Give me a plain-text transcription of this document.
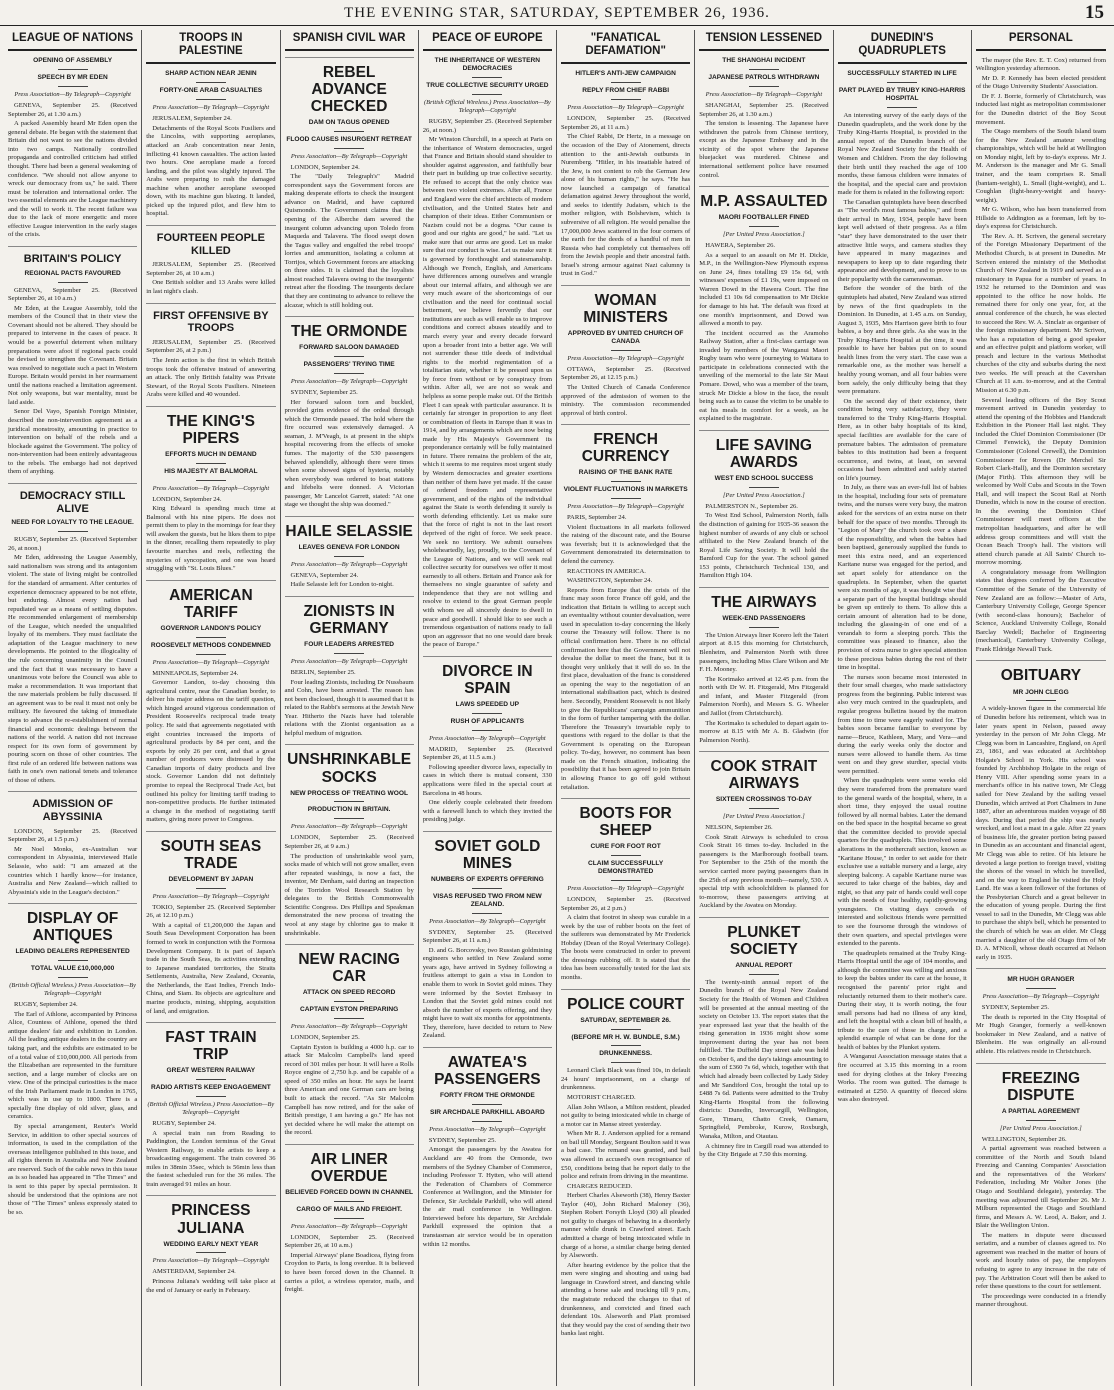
THE EVENING STAR, SATURDAY, SEPTEMBER 26, 1936.	15
LEAGUE OF NATIONS
OPENING OF ASSEMBLY
SPEECH BY MR EDEN
Press Association—By Telegraph—Copyright

GENEVA, September 25. (Received September 26, at 1.30 a.m.)

A packed Assembly heard Mr Eden open the general debate. He began with the statement that Britain did not want to see the nations divided into two camps. Nationally controlled propaganda and controlled criticism had stifled thought. There had been a general weakening of confidence. "We should not allow anyone to wreck our democracy from us," he said. There must be toleration and international order. The two essential elements are the League machinery and the will to work it. The recent failure was due to the lack of more energetic and more effective League intervention in the early stages of the crisis.

BRITAIN'S POLICY
REGIONAL PACTS FAVOURED

GENEVA, September 25. (Received September 26, at 10 a.m.)

Mr Eden, at the League Assembly, told the members of the Council that in their view the Covenant should not be altered. They should be prepared to intervene in the cases of peace. It would be a powerful deterrent when military preparations were afoot if regional pacts could be devised to strengthen the Covenant. Britain was resolved to negotiate such a pact in Western Europe. Britain would persist in her rearmament until the nations reached a limitation agreement. Not only weapons, but war mentality, must be laid aside.

Senor Del Vayo, Spanish Foreign Minister, described the non-intervention agreement as a juridical monstrosity, amounting in practice to intervention on behalf of the rebels and a blockade against the Government. The policy of non-intervention had been entirely advantageous to the rebels. The embargo had not deprived them of anything.

DEMOCRACY STILL ALIVE
NEED FOR LOYALTY TO THE LEAGUE.

RUGBY, September 25. (Received September 26, at noon.)

Mr Eden, addressing the League Assembly, said nationalism was strong and its antagonism violent. The state of living might be controlled for the standard of armament. After centuries of experience democracy appeared to be not effete, but enduring. Almost every nation had repudiated war as a means of settling disputes. He recommended enlargement of membership of the League, which needed the unqualified loyalty of its members. They must facilitate the adaptation of the League machinery to new developments. He pointed to the illogicality of the rule concerning unanimity in the Council and the fact that it was necessary to have a unanimous vote before the Council was able to make a recommendation. It was important that the raw materials problem be fully discussed. If an agreement was to be real it must not only be military. He favoured the taking of immediate steps to advance the re-establishment of normal financial and economic dealings between the nations of the world. A nation did not increase respect for its own form of government by pouring scorn on those of other countries. The first rule of an ordered life between nations was faith in one's own national tenets and tolerance of those of others.

ADMISSION OF ABYSSINIA

LONDON, September 25. (Received September 26, at 1.5 p.m.)

Mr Noel Monks, ex-Australian war correspondent in Abyssinia, interviewed Haile Selassie, who said: "I am amazed at the countries which I hardly know—for instance, Australia and New Zealand—which rallied to Abyssinia's side in the League's decision."

DISPLAY OF ANTIQUES
LEADING DEALERS REPRESENTED
TOTAL VALUE £10,000,000
(British Official Wireless.) Press Association—By Telegraph—Copyright

RUGBY, September 24.

The Earl of Athlone, accompanied by Princess Alice, Countess of Athlone, opened the third antique dealers' fair and exhibition in London. All the leading antique dealers in the country are taking part, and the exhibits are estimated to be of a total value of £10,000,000. All periods from the Elizabethan are represented in the furniture section, and a large number of clocks are on view. One of the principal curiosities is the mace of the Irish Parliament made in London in 1765, which was in use up to 1800. There is a specially fine display of old silver, glass, and ceramics.

By special arrangement, Reuter's World Service, in addition to other special sources of information, is used in the compilation of the overseas intelligence published in this issue, and all rights therein in Australia and New Zealand are reserved. Such of the cable news in this issue as is so headed has appeared in "The Times" and is sent to this paper by special permission. It should be understood that the opinions are not those of "The Times" unless expressly stated to be so.

TROOPS IN PALESTINE
SHARP ACTION NEAR JENIN
FORTY-ONE ARAB CASUALTIES
Press Association—By Telegraph—Copyright

JERUSALEM, September 24.

Detachments of the Royal Scots Fusiliers and the Lincolns, with supporting aeroplanes, attacked an Arab concentration near Jenin, inflicting 41 known casualties. The action lasted two hours. One aeroplane made a forced landing, and the pilot was slightly injured. The Arabs were preparing to rush the damaged machine when another aeroplane swooped down, with its machine gun blazing. It landed, picked up the injured pilot, and flew him to hospital.

FOURTEEN PEOPLE KILLED

JERUSALEM, September 25. (Received September 26, at 10 a.m.)

One British soldier and 13 Arabs were killed in last night's clash.

FIRST OFFENSIVE BY TROOPS

JERUSALEM, September 25. (Received September 26, at 2 p.m.)

The Jenin action is the first in which British troops took the offensive instead of answering an attack. The only British fatality was Private Stewart, of the Royal Scots Fusiliers. Nineteen Arabs were killed and 40 wounded.

THE KING'S PIPERS
EFFORTS MUCH IN DEMAND
HIS MAJESTY AT BALMORAL
Press Association—By Telegraph—Copyright

LONDON, September 24.

King Edward is spending much time at Balmoral with his nine pipers. He does not permit them to play in the mornings for fear they will awaken the guests, but he likes them to pipe in the dinner, recalling them repeatedly to play favourite marches and reels, reflecting the mysteries of syncopation, and one was heard struggling with "St. Louis Blues."

AMERICAN TARIFF
GOVERNOR LANDON'S POLICY
ROOSEVELT METHODS CONDEMNED
Press Association—By Telegraph—Copyright

MINNEAPOLIS, September 24.

Governor Landon, to-day choosing this agricultural centre, near the Canadian border, to deliver his major address on the tariff question, which hinged around vigorous condemnation of President Roosevelt's reciprocal trade treaty policy. He said that agreements negotiated with eight countries increased the imports of agricultural products by 84 per cent, and the exports by only 26 per cent, and that a great number of producers were distressed by the Canadian imports of dairy products and live stock. Governor Landon did not definitely promise to repeal the Reciprocal Trade Act, but outlined his policy for limiting tariff trading to non-competitive products. He further intimated a change in the method of negotiating tariff matters, giving more power to Congress.

SOUTH SEAS TRADE
DEVELOPMENT BY JAPAN
Press Association—By Telegraph—Copyright

TOKIO, September 25. (Received September 26, at 12.10 p.m.)

With a capital of £1,200,000 the Japan and South Seas Development Corporation has been formed to work in conjunction with the Formosa Development Company. It is part of Japan's trade in the South Seas, its activities extending to Japanese mandated territories, the Straits Settlements, Australia, New Zealand, Oceania, the Netherlands, the East Indies, French Indo-China, and Siam. Its objects are agriculture and marine products, mining, shipping, acquisition of land, and emigration.

FAST TRAIN TRIP
GREAT WESTERN RAILWAY
RADIO ARTISTS KEEP ENGAGEMENT
(British Official Wireless.) Press Association—By Telegraph—Copyright

RUGBY, September 24.

A special train ran from Reading to Paddington, the London terminus of the Great Western Railway, to enable artists to keep a broadcasting engagement. The train covered 36 miles in 38min 35sec, which is 56min less than the fastest scheduled run for the 36 miles. The train averaged 91 miles an hour.

PRINCESS JULIANA
WEDDING EARLY NEXT YEAR
Press Association—By Telegraph—Copyright

AMSTERDAM, September 24.

Princess Juliana's wedding will take place at the end of January or early in February.

SPANISH CIVIL WAR
REBEL ADVANCE CHECKED
DAM ON TAGUS OPENED
FLOOD CAUSES INSURGENT RETREAT
Press Association—By Telegraph—Copyright

LONDON, September 24.

The "Daily Telegraph's" Madrid correspondent says the Government forces are making desperate efforts to check the insurgent advance on Madrid, and have captured Quismondo. The Government claims that the opening of the Alberche dam severed the insurgent column advancing upon Toledo from Maqueda and Talavera. The flood swept down the Tagus valley and engulfed the rebel troops' lorries and ammunition, isolating a column at Torrijos, which Government forces are attacking on three sides. It is claimed that the loyalists almost reached Talavera owing to the insurgents' retreat after the flooding. The insurgents declare that they are continuing to advance to relieve the alcazar, which is still holding out.

THE ORMONDE
FORWARD SALOON DAMAGED
PASSENGERS' TRYING TIME
Press Association—By Telegraph—Copyright

SYDNEY, September 25.

Her forward saloon torn and buckled, provided grim evidence of the ordeal through which the Ormonde passed. The hold where the fire occurred was extensively damaged. A seaman, J. M'Veagh, is at present in the ship's hospital recovering from the effects of smoke fumes. The majority of the 530 passengers behaved splendidly, although there were times when some showed signs of hysteria, notably when everybody was ordered to boat stations and lifebelts were donned. A Victorian passenger, Mr Lancelot Garrett, stated: "At one stage we thought the ship was doomed."

HAILE SELASSIE
LEAVES GENEVA FOR LONDON
Press Association—By Telegraph—Copyright

GENEVA, September 24.

Haile Selassie left for London to-night.

ZIONISTS IN GERMANY
FOUR LEADERS ARRESTED
Press Association—By Telegraph—Copyright

BERLIN, September 25.

Four leading Zionists, including Dr Nussbaum and Cohn, have been arrested. The reason has not been disclosed, though it is assumed that it is related to the Rabbi's sermons at the Jewish New Year. Hitherto the Nazis have had tolerable relations with the Zionist organisation as a helpful medium of migration.

UNSHRINKABLE SOCKS
NEW PROCESS OF TREATING WOOL
PRODUCTION IN BRITAIN.
Press Association—By Telegraph—Copyright

LONDON, September 25. (Received September 26, at 9 a.m.)

The production of unshrinkable wool yarn, socks made of which will not grow smaller, even after repeated washings, is now a fact, the inventor, Mr Denham, said during an inspection of the Torridon Wool Research Station by delegates to the British Commonwealth Scientific Congress. Drs Phillips and Speakman demonstrated the new process of treating the wool at any stage by chlorine gas to make it unshrinkable.

NEW RACING CAR
ATTACK ON SPEED RECORD
CAPTAIN EYSTON PREPARING
Press Association—By Telegraph—Copyright

LONDON, September 25.

Captain Eyston is building a 4000 h.p. car to attack Sir Malcolm Campbell's land speed record of 301 miles per hour. It will have a Rolls Royce engine of 2,750 h.p. and be capable of a speed of 350 miles an hour. He says he learnt three American and one German cars are being built to attack the record. "As Sir Malcolm Campbell has now retired, and for the sake of British prestige, I am having a go." He has not yet decided where he will make the attempt on the record.

AIR LINER OVERDUE
BELIEVED FORCED DOWN IN CHANNEL
CARGO OF MAILS AND FREIGHT.
Press Association—By Telegraph—Copyright

LONDON, September 25. (Received September 26, at 10 a.m.)

Imperial Airways' plane Boadicea, flying from Croydon to Paris, is long overdue. It is believed to have been forced down in the Channel. It carries a pilot, a wireless operator, mails, and freight.

PEACE OF EUROPE
THE INHERITANCE OF WESTERN DEMOCRACIES
TRUE COLLECTIVE SECURITY URGED
(British Official Wireless.) Press Association—By Telegraph—Copyright

RUGBY, September 25. (Received September 26, at noon.)

Mr Winston Churchill, in a speech at Paris on the inheritance of Western democracies, urged that France and Britain should stand shoulder to shoulder against aggression, and faithfully bear their part in building up true collective security. He refused to accept that the only choice was between two violent extremes. After all, France and England were the chief architects of modern civilisation, and the United States heir and champion of their ideas. Either Communism or Nazism could not be a dogma. "Our cause is good and our rights are good," he said. "Let us make sure that our arms are good. Let us make sure that our conduct is wise. Let us make sure it is governed by forethought and statesmanship. Although we French, English, and Americans have differences among ourselves and wrangle about our internal affairs, and although we are very much aware of the shortcomings of our civilisation and the need for continual social betterment, we believe fervently that our institutions are such as will enable us to improve conditions and correct abuses steadily and to march every year and every decade forward upon a broader front into a better age. We will not surrender these title deeds of individual rights to the morbid regimentation of a totalitarian state, whether it be pressed upon us by force from without or by conspiracy from within. After all, we are not so weak and helpless as some people make out. Of the British Fleet I can speak with particular assurance. It is certainly far stronger in proportion to any fleet or combination of fleets in Europe than it was in 1914, and by arrangements which are now being made by His Majesty's Government its preponderance certainly will be fully maintained in future. There remains the problem of the air, which it seems to me requires most urgent study by Western democracies and greater exertions than neither of them have yet made. If the cause of ordered freedom and representative government, and of the rights of the individual against the State is worth defending it surely is worth defending efficiently. Let us make sure that the force of right is not in the last resort deprived of the right of force. We seek peace. We seek no territory. We submit ourselves wholeheartedly, lay, proudly, to the Covenant of the League of Nations, and we will seek real collective security for ourselves we offer it most earnestly to all others. Britain and France ask for themselves no single guarantee of safety and independence that they are not willing and resolve to extend to the great German people with whom we all sincerely desire to dwell in peace and goodwill. I should like to see such a tremendous organisation of nations ready to fall upon an aggressor that no one would dare break the peace of Europe."

DIVORCE IN SPAIN
LAWS SPEEDED UP
RUSH OF APPLICANTS
Press Association—By Telegraph—Copyright

MADRID, September 25. (Received September 26, at 11.5 a.m.)

Following speedier divorce laws, especially in cases in which there is mutual consent, 330 applications were filed in the special court at Barcelona in 48 hours.

One elderly couple celebrated their freedom with a farewell lunch to which they invited the presiding judge.

SOVIET GOLD MINES
NUMBERS OF EXPERTS OFFERING
VISAS REFUSED TWO FROM NEW ZEALAND.
Press Association—By Telegraph—Copyright

SYDNEY, September 25. (Received September 26, at 11 a.m.)

D. and G. Borcovsky, two Russian goldmining engineers who settled in New Zealand some years ago, have arrived in Sydney following a fruitless attempt to gain a visa in London to enable them to work in Soviet gold mines. They were informed by the Soviet Embassy in London that the Soviet gold mines could not absorb the number of experts offering, and they might have to wait six months for appointments. They, therefore, have decided to return to New Zealand.

AWATEA'S PASSENGERS
FORTY FROM THE ORMONDE
SIR ARCHDALE PARKHILL ABOARD
Press Association—By Telegraph—Copyright

SYDNEY, September 25.

Amongst the passengers by the Awatea for Auckland are 40 from the Ormonde, two members of the Sydney Chamber of Commerce, including Professor T. Hytten, who will attend the Federation of Chambers of Commerce Conference at Wellington, and the Minister for Defence, Sir Archdale Parkhill, who will attend the air mail conference in Wellington. Interviewed before his departure, Sir Archdale Parkhill expressed the opinion that a transtasman air service would be in operation within 12 months.

"FANATICAL DEFAMATION"
HITLER'S ANTI-JEW CAMPAIGN
REPLY FROM CHIEF RABBI
Press Association—By Telegraph—Copyright

LONDON, September 25. (Received September 26, at 11 a.m.)

The Chief Rabbi, Dr Hertz, in a message on the occasion of the Day of Atonement, directs attention to the anti-Jewish outbursts in Nuremberg. "Hitler, in his insatiable hatred of the Jew, is not content to rob the German Jew alone of his human rights," he says. "He has now launched a campaign of fanatical defamation against Jewry throughout the world, and seeks to identify Judaism, which is the mother religion, with Bolshevism, which is subversive of all religion. He would penalise the 17,000,000 Jews scattered in the four corners of the earth for the deeds of a handful of men in Russia who had completely cut themselves off from the Jewish people and their ancestral faith. Israel's strong armour against Nazi calumny is trust in God."

WOMAN MINISTERS
APPROVED BY UNITED CHURCH OF CANADA
Press Association—By Telegraph—Copyright

OTTAWA, September 25. (Received September 26, at 12.15 p.m.)

The United Church of Canada Conference approved of the admission of women to the ministry. The commission recommended approval of birth control.

FRENCH CURRENCY
RAISING OF THE BANK RATE
VIOLENT FLUCTUATIONS IN MARKETS
Press Association—By Telegraph—Copyright

PARIS, September 24.

Violent fluctuations in all markets followed the raising of the discount rate, and the Bourse was feverish; but it is acknowledged that the Government demonstrated its determination to defend the currency.

REACTIONS IN AMERICA.

WASHINGTON, September 24.

Reports from Europe that the crisis of the franc may soon force France off gold, and the indication that Britain is willing to accept such an eventuality without counter devaluation, were used in speculation to-day concerning the likely course the Treasury will follow. There is no official confirmation here. There is no official confirmation here that the Government will not devalue the dollar to meet the franc, but it is thought very unlikely that it will do so. In the first place, devaluation of the franc is considered as opening the way to the negotiation of an international stabilisation pact, which is desired here. Secondly, President Roosevelt is not likely to give the Republicans' campaign ammunition in the form of further tampering with the dollar. Therefore the Treasury's invariable reply to questions with regard to the dollar is that the Government is operating on the European policy. To-day, however, no comment has been made on the French situation, indicating the possibility that it has been agreed to join Britain in allowing France to go off gold without retaliation.

BOOTS FOR SHEEP
CURE FOR FOOT ROT
CLAIM SUCCESSFULLY DEMONSTRATED
Press Association—By Telegraph—Copyright

LONDON, September 25. (Received September 26, at 2 p.m.)

A claim that footrot in sheep was curable in a week by the use of rubber boots on the feet of the sufferers was demonstrated by Mr Frederick Hobday (Dean of the Royal Veterinary College). The boots were constructed in order to prevent the dressings rubbing off. It is stated that the idea has been successfully tested for the last six months.

POLICE COURT
SATURDAY, SEPTEMBER 26.
(BEFORE MR H. W. BUNDLE, S.M.)
DRUNKENNESS.

Leonard Clark Black was fined 10s, in default 24 hours' imprisonment, on a charge of drunkenness.

MOTORIST CHARGED.

Allan John Wilson, a Milton resident, pleaded not guilty to being intoxicated while in charge of a motor car in Manse street yesterday.

When Mr R. J. Anderson applied for a remand on bail till Monday, Sergeant Boulton said it was a bad case. The remand was granted, and bail was allowed in accused's own recognisance of £50, conditions being that he report daily to the police and refrain from driving in the meantime.

CHARGES REDUCED.

Herbert Charles Alseworth (38), Henry Baxter Taylor (40), John Richard Maloney (36), Stephen Robert Forsyth Lloyd (30) all pleaded not guilty to charges of behaving in a disorderly manner while drunk in Crawford street. Each admitted a charge of being intoxicated while in charge of a horse, a similar charge being denied by Alseworth.

After hearing evidence by the police that the men were singing and shouting and using bad language in Crawford street, and dancing while attending a horse sale and trucking till 9 p.m., the magistrate reduced the charges to that of drunkenness, and convicted and fined each defendant 10s. Alseworth and Platt promised that they would pay the cost of sending their two banks last night.

TENSION LESSENED
THE SHANGHAI INCIDENT
JAPANESE PATROLS WITHDRAWN
Press Association—By Telegraph—Copyright

SHANGHAI, September 25. (Received September 26, at 1.30 a.m.)

The tension is lessening. The Japanese have withdrawn the patrols from Chinese territory, except as the Japanese Embassy and in the vicinity of the spot where the Japanese bluejacket was murdered. Chinese and international settlement police have resumed control.

M.P. ASSAULTED
MAORI FOOTBALLER FINED
[Per United Press Association.]

HAWERA, September 26.

As a sequel to an assault on Mr H. Dickie, M.P., in the Wellington-New Plymouth express on June 24, fines totalling £9 15s 6d, with witnesses' expenses of £1 19s, were imposed on Warren Dowd in the Hawera Court. The fine included £1 10s 6d compensation to Mr Dickie for damage to his hat. The default was fixed at one month's imprisonment, and Dowd was allowed a month to pay.

The incident occurred as the Aramoho Railway Station, after a first-class carriage was invaded by members of the Wanganui Maori Rugby team who were journeying to Waitara to participate in celebrations connected with the unveiling of the memorial to the late Sir Maui Pomare. Dowd, who was a member of the team, struck Mr Dickie a blow in the face, the result being such as to cause the victim to be unable to eat his meals in comfort for a week, as he explained to the magistrate.

LIFE SAVING AWARDS
WEST END SCHOOL SUCCESS
[Per United Press Association.]

PALMERSTON N., September 26.

To West End School, Palmerston North, falls the distinction of gaining for 1935-36 season the highest number of awards of any club or school affiliated to the New Zealand branch of the Royal Life Saving Society. It will hold the Bamford Cup for the year. The school gained 153 points, Christchurch Technical 130, and Hamilton High 104.

THE AIRWAYS
WEEK-END PASSENGERS

The Union Airways liner Korero left the Taieri airport at 8.15 this morning for Christchurch, Blenheim, and Palmerston North with three passengers, including Miss Clare Wilson and Mr F. H. Mooney.

The Korimako arrived at 12.45 p.m. from the north with Dr W. H. Fitzgerald, Mrs Fitzgerald and infant, and Master Fitzgerald (from Palmerston North), and Messrs S. G. Wheeler and Jaillot (from Christchurch).

The Korimako is scheduled to depart again to-morrow at 8.15 with Mr A. B. Gladwin (for Palmerston North).

COOK STRAIT AIRWAYS
SIXTEEN CROSSINGS TO-DAY
[Per United Press Association.]

NELSON, September 26.

Cook Strait Airways is scheduled to cross Cook Strait 16 times to-day. Included in the passengers is the Marlborough football team. For September to the 25th of the month the service carried more paying passengers than in the 25th of any previous month—namely, 530. A special trip with schoolchildren is planned for to-morrow, these passengers arriving at Auckland by the Awatea on Monday.

PLUNKET SOCIETY
ANNUAL REPORT

The twenty-ninth annual report of the Dunedin branch of the Royal New Zealand Society for the Health of Women and Children will be presented at the annual meeting of the society on October 13. The report states that the year expressed last year that the health of the rising generation in 1936 might show some improvement during the year has not been fulfilled. The Duffield Day street sale was held on October 6, and the day's takings amounting to the sum of £360 7s 6d, which, together with that which had already been collected by Lady Sidey and Mr Sandiford Cox, brought the total up to £488 7s 6d. Patients were admitted to the Truby King-Harris Hospital from the following districts: Dunedin, Invercargill, Wellington, Gore, Timaru, Chatto Creek, Oamaru, Springfield, Pembroke, Kurow, Roxburgh, Wanaka, Milton, and Otautau.

A chimney fire in Cargill road was attended to by the City Brigade at 7.50 this morning.

DUNEDIN'S QUADRUPLETS
SUCCESSFULLY STARTED IN LIFE
PART PLAYED BY TRUBY KING-HARRIS HOSPITAL

An interesting survey of the early days of the Dunedin quadruplets, and the work done by the Truby King-Harris Hospital, is provided in the annual report of the Dunedin branch of the Royal New Zealand Society for the Health of Women and Children. From the day following their birth until they reached the age of 100 months, these famous children were inmates of the hospital, and the special care and provision made for them is related in the following report:

The Canadian quintuplets have been described as "The world's most famous babies," and from their arrival in May, 1934, people have been kept well advised of their progress. As a film "star" they have demonstrated to the user their attractive little ways, and camera studies they have appeared in many magazines and newspapers to keep up to date regarding their appearance and development, and to prove to us their popularity with the camerawoman.

Before the wonder of the birth of the quintuplets had abated, New Zealand was stirred by news of the first quadruplets in the Dominion. In Dunedin, at 1.45 a.m. on Sunday, August 3, 1935, Mrs Harrison gave birth to four babies, a boy and three girls. As she was in the Truby King-Harris Hospital at the time, it was possible to have her babies put on to sound health lines from the very start. The case was a remarkable one, as the mother was herself a healthy young woman, and all four babies were born safely, the only difficulty being that they were premature.

On the second day of their existence, their condition being very satisfactory, they were transferred to the Truby King-Harris Hospital. Here, as in other baby hospitals of its kind, special facilities are available for the care of premature babies. The admission of premature babies to this institution had been a frequent occurrence, and twins, at least, on several occasions had been admitted and safely started on life's journey.

In July, as there was an ever-full list of babies in the hospital, including four sets of premature twins, and the nurses were very busy, the matron asked for the services of an extra nurse on their behalf for the space of two months. Through its "Legion of Mary" the church took over a share of the responsibility, and when the babies had been baptised, generously supplied the funds to meet this extra need, and an experienced Karitane nurse was engaged for the period, and set apart solely for attendance on the quadruplets. In September, when the quartet were six months of age, it was thought wise that a separate part of the hospital buildings should be given up entirely to them. To allow this a certain amount of alteration had to be done, including the glassing-in of one end of a verandah to form a sleeping porch. This the committee was pleased to finance, also the provision of extra nurse to give special attention to these precious babies during the rest of their time in hospital.

The nurses soon became most interested in their four small charges, who made satisfactory progress from the beginning. Public interest was also very much centred in the quadruplets, and regular progress bulletins issued by the matron from time to time were eagerly waited for. The babies soon became familiar to everyone by name—Bruce, Kathleen, Mary, and Vera—and during the early weeks only the doctor and nurses were allowed to handle them. As time went on and they grew sturdier, special visits were permitted.

When the quadruplets were some weeks old they were transferred from the premature ward to the general wards of the hospital, where, in a short time, they enjoyed the usual routine followed by all normal babies. Later the demand on the bed space in the hospital became so great that the committee decided to provide special quarters for the quadruplets. This involved some alterations in the mothercraft section, known as "Karitane House," in order to set aside for their exclusive use a suitable nursery and a large, airy sleeping balcony. A capable Karitane nurse was secured to take charge of the babies, day and night, so that any pair of hands could well cope with the needs of four healthy, rapidly-growing youngsters. On visiting days crowds of interested and solicitous friends were permitted to see the foursome through the windows of their own quarters, and special privileges were extended to the parents.

The quadruplets remained at the Truby King-Harris Hospital until the age of 104 months, and although the committee was willing and anxious to keep the babies under its care at the house, it recognised the parents' prior right and reluctantly returned them to their mother's care. During their stay, it is worth noting, the four small persons had had no illness of any kind, and left the hospital with a clean bill of health, a tribute to the care of those in charge, and a splendid example of what can be done for the health of babies by the Plunket system.

A Wanganui Association message states that a fire occurred at 3.15 this morning in a room used for drying clothes at the Inkey Freezing Works. The room was gutted. The damage is estimated at £250. A quantity of fleeced skins was also destroyed.

PERSONAL

The mayor (the Rev. E. T. Cox) returned from Wellington yesterday afternoon.

Mr D. P. Kennedy has been elected president of the Otago University Students' Association.

Dr F. J. Borrie, formerly of Christchurch, was inducted last night as metropolitan commissioner for the Dunedin district of the Boy Scout movement.

The Otago members of the South Island team for the New Zealand amateur wrestling championships, which will be held at Wellington on Monday night, left by to-day's express. Mr J. M. Anderson is the manager and Mr G. Small trainer, and the team comprises R. Small (bantam-weight), L. Small (light-weight), and L. Coughlan (light-heavy-weight and heavy-weight).

Mr G. Wilson, who has been transferred from Hillside to Addington as a foreman, left by to-day's express for Christchurch.

The Rev. A. H. Scriven, the general secretary of the Foreign Missionary Department of the Methodist Church, is at present in Dunedin. Mr Scriven entered the ministry of the Methodist Church of New Zealand in 1919 and served as a missionary in Papua for a number of years. In 1932 he returned to the Dominion and was appointed to the office he now holds. He remained there for only one year, for, at the annual conference of the church, he was elected to succeed the Rev. W. A. Sinclair as organiser of the foreign missionary department. Mr Scriven, who has a reputation of being a good speaker and an effective pulpit and platform worker, will preach and lecture in the various Methodist churches of the city and suburbs during the next two weeks. He will preach at the Cavershan Church at 11 a.m. to-morrow, and at the Central Mission at 6.30 p.m.

Several leading officers of the Boy Scout movement arrived in Dunedin yesterday to attend the opening of the Hobbies and Handcraft Exhibition in the Pioneer Hall last night. They included the Chief Dominion Commissioner (Dr Cimmel Fenwick), the Deputy Dominion Commissioner (Colonel Crewell), the Dominion Commissioner for Rovers (Dr Merchel Sir Robert Clark-Hall), and the Dominion secretary (Major Firth). This afternoon they will be welcomed by Wolf Cubs and Scouts in the Town Hall, and will inspect the Scout Rail at North Dunedin, which is now in the course of erection. In the evening the Dominion Chief Commissioner will meet officers at the metropolitan headquarters, and after he will address group committees and will visit the Ocean Beach Troop's hall. The visitors will attend church parade at All Saints' Church to-morrow morning.

A congratulatory message from Wellington states that degrees conferred by the Executive Committee of the Senate of the University of New Zealand are as follow:—Master of Arts, Canterbury University College, George Spencer (with second-class honours); Bachelor of Science, Auckland University College, Ronald Barclay Wedell; Bachelor of Engineering (mechanical), Canterbury University College, Frank Eldridge Newall Tuck.

OBITUARY
MR JOHN CLEGG

A widely-known figure in the commercial life of Dunedin before his retirement, which was in later years spent in Nelson, passed away yesterday in the person of Mr John Clegg. Mr Clegg was born in Lancashire, England, on April 23, 1861, and was educated at Archbishop Holgate's School in York. His school was founded by Archbishop Holgate in the reign of Henry VIII. After spending some years in a merchant's office in his native town, Mr Clegg sailed for New Zealand by the sailing vessel Dunedin, which arrived at Port Chalmers in June 1887, after an adventurous maiden voyage of 88 days. During that period the ship was nearly wrecked, and lost a mast in a gale. After 22 years of business life, the greater portion being passed in Dunedin as an accountant and financial agent, Mr Clegg was able to retire. Of his leisure he devoted a large portion to foreign travel, visiting the shores of the vessel in which he travelled, and on the way to England he visited the Holy Land. He was a keen follower of the fortunes of the Presbyterian Church and a great believer in the education of young people. During the first vessel to sail in the Dunedin, Mr Clegg was able to purchase the ship's bell, which he presented to the church of which he was an elder. Mr Clegg married a daughter of the old Otago firm of Mr D. A. M'Nicoll, whose death occurred at Nelson early in 1935.

MR HUGH GRANGER
Press Association—By Telegraph—Copyright

SYDNEY, September 25.

The death is reported in the City Hospital of Mr Hugh Granger, formerly a well-known bookmaker in New Zealand, and a native of Blenheim. He was originally an all-round athlete. His relatives reside in Christchurch.

FREEZING DISPUTE
A PARTIAL AGREEMENT
[Per United Press Association.]

WELLINGTON, September 26.

A partial agreement was reached between a committee of the North and South Island Freezing and Canning Companies' Association and the representatives of the Workers' Federation, including Mr Walter Jones (the Otago and Southland delegate), yesterday. The meeting was adjourned till September 26. Mr J. Milburn represented the Otago and Southland firms, and Messrs A. W. Leod, A. Baker, and J. Blair the Wellington Union.

The matters in dispute were discussed seriatim, and a number of clauses agreed to. No agreement was reached in the matter of hours of work and hourly rates of pay, the employers refusing to agree to any increase in the rate of pay. The Arbitration Court will then be asked to refer these questions to the court for settlement.

The proceedings were conducted in a friendly manner throughout.
